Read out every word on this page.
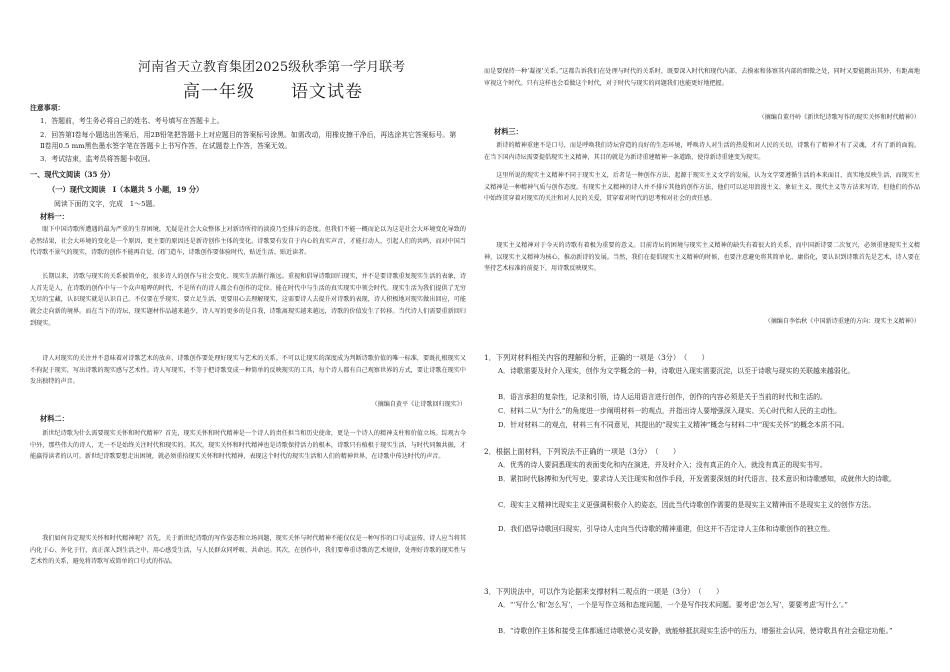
河南省天立教育集团2025级秋季第一学月联考
高一年级　　语文试卷
注意事项：
1．答题前，考生务必将自己的姓名、考号填写在答题卡上。
2．回答第Ⅰ卷每小题选出答案后，用2B铅笔把答题卡上对应题目的答案标号涂黑。如需改动，用橡皮擦干净后，再选涂其它答案标号。第Ⅱ卷用0.5 mm黑色墨水签字笔在答题卡上书写作答，在试题卷上作答，答案无效。
3．考试结束，监考员将答题卡收回。
一、现代文阅读（35 分）
（一）现代文阅读　I（本题共 5 小题，19 分）
阅读下面的文字，完成　1～5题。
材料一：

眼下中国诗歌所遭遇的最为严重的生存困境，无疑是社会大众整体上对新诗所持的淡漠乃至排斥的态度。但我们不能一概而论以为这是社会大环境变化导致的必然结果，社会大环境的变化是一个原因，更主要的原因还是新诗创作主体的变化。诗歌要有发自于内心的真实声音，才能打动人，引起人们的共鸣，而对中国当代诗歌不景气的现实，诗歌的创作不能再自觉、闭门造车，诗歌创作要体验时代，贴近生活、贴近读者。

长期以来，诗歌与现实的关系被简单化，很多诗人的创作与社会变化、现实生活渐行渐远。重视和倡导诗歌回归现实，并不是要诗歌重复现实生活的表象，诗人首先是人，在诗歌的创作中与一个众声喧哗的时代，不是所有的诗人都会有创作的定位。能在时代中与生活的真实现实中领会时代。现实生活为我们提供了无穷无尽的宝藏，认识现实就是认识自己。不仅要在乎现实、要立足生活、更要用心去理解现实，这需要诗人去提升对诗歌的表现，诗人积极地对现实做出回应，可能就会走向新的境界。而在当下的诗坛，现实题材作品越来越少，诗人写的更多的是自我，诗歌离现实越来越远，诗歌的价值发生了转移。当代诗人们需要重新回归到现实。

诗人对现实的关注并不意味着对诗歌艺术的放弃，诗歌创作要处理好现实与艺术的关系。不可以让现实的深度成为判断诗歌价值的唯一标准，要既扎根现实又不拘泥于现实，写出诗歌的现实感与艺术性。诗人写现实，不等于把诗歌变成一种简单的反映现实的工具，每个诗人都有自己观察世界的方式，要让诗歌在现实中发出独特的声音。

（摘编自黄平《让诗歌回归现实》）
材料二：

新世纪诗歌为什么需要现实关怀和时代精神？首先，现实关怀和时代精神是一个诗人的责任担当和历史使命，更是一个诗人的精神支柱和价值立场。综观古今中外，那些伟大的诗人，无一不是始终关注时代和现实的。其次，现实关怀和时代精神也是诗歌保持活力的根本，诗歌只有植根于现实生活，与时代同频共振，才能赢得读者的认可。新世纪诗歌要想走出困境，就必须重拾现实关怀和时代精神，表现这个时代的现实生活和人们的精神世界，在诗歌中传达时代的声音。

我们如何肯定现实关怀和时代精神呢？首先，关于新世纪诗歌的写作姿态和立场问题，现实关怀与时代精神不能仅仅是一种写作的口号或宣传，诗人应当将其内化于心、外化于行，真正深入到生活之中，用心感受生活，与人民群众同呼吸、共命运。其次，在创作中，我们要尊重诗歌的艺术规律，处理好诗歌的现实性与艺术性的关系，避免将诗歌写成简单的口号式的作品。

而是要保持一种‘凝视’关系。”这都告诉我们在处理与时代的关系时，既要深入时代和现代内部，去摸索和体察其内部的细微之处，同时又要能跳出其外，有距离地审视这个时代。只有这样也会看做这个时代，对于时代与现实的问题我们也能更好地把握。

（摘编自董丹岭《新世纪诗歌写作的现实关怀和时代精神》）
材料三：

新诗的精神重建不是口号，而是呼唤我们诗坛营造的良好的生态环境，呼唤诗人对生活的热爱和对人民的关切，诗歌有了精神才有了灵魂，才有了新的面貌。在当下国内诗坛需要提倡现实主义精神，其目的就是为新诗重建精神一条道路，使得新诗重建变为现实。

这里所说的现实主义精神不同于现实主义，后者是一种创作方法，起源于现实主义文学的发展，认为文学要遵循生活的本来面目、真实地反映生活，而现实主义精神是一种精神气质与创作态度。有现实主义精神的诗人并不排斥其他的创作方法，他们可以运用浪漫主义、象征主义、现代主义等方法来写诗，但他们的作品中始终贯穿着对现实的关注和对人民的关爱，贯穿着对时代的思考和对社会的责任感。

现实主义精神对于今天的诗歌有着极为重要的意义。目前诗坛的困境与现实主义精神的缺失有着很大的关系，而中国新诗要二次复兴，必须重建现实主义精神，以现实主义精神为核心，推动新诗的发展。当然，我们在提倡现实主义精神的时候，也要注意避免将其简单化、庸俗化，要认识到诗歌首先是艺术，诗人要在坚持艺术标准的前提下，用诗歌反映现实。

（摘编自李怡秋《中国新诗重建的方向：现实主义精神》）
1．下列对材料相关内容的理解和分析，正确的一项是（3分）　（　　）
A．诗歌需要及时介入现实，创作为文学概念的一种，诗歌进入现实需要沉淀，以至于诗歌与现实的关联越来越弱化。
B．语言承担的复杂性，记录和引领，诗人运用语言进行创作，创作的内容必须是关于当前的时代和生活的。
C．材料二从“为什么”的角度进一步阐明材料一的观点，并指出诗人要增强深入现实、关心时代和人民的主动性。
D．针对材料二的观点，材料三有不同意见，其提出的“现实主义精神”概念与材料二中“现实关怀”的概念本质不同。
2．根据上面材料，下列说法不正确的一项是（3分）　（　　）
A．优秀的诗人要洞悉现实的表面变化和内在演进，并及时介入；没有真正的介入，就没有真正的现实书写。
B．紧扣时代脉搏和为代写史，要求诗人关注现实和创作手段，开发需要深刻的时代语言、技术意识和诗歌感知，成就伟大的诗歌。
C．现实主义精神比现实主义更强调积极介入的姿态，因此当代诗歌创作需要的是现实主义精神而不是现实主义的创作方法。
D．我们倡导诗歌回归现实，引导诗人走向当代诗歌的精神重建，但这并不否定诗人主体和诗歌创作的独立性。
3．下列说法中，可以作为论据来支撑材料二观点的一项是（3分）　（　　）
A．“‘写什么’和‘怎么写’，一个是写作立场和态度问题，一个是写作技术问题。要考虑‘怎么写’，要要考虑‘写什么’。”
B．“诗歌创作主体和接受主体都通过诗歌使心灵安静，就能够抵抗现实生活中的压力，增强社会认同，使诗歌具有社会稳定功能。”
